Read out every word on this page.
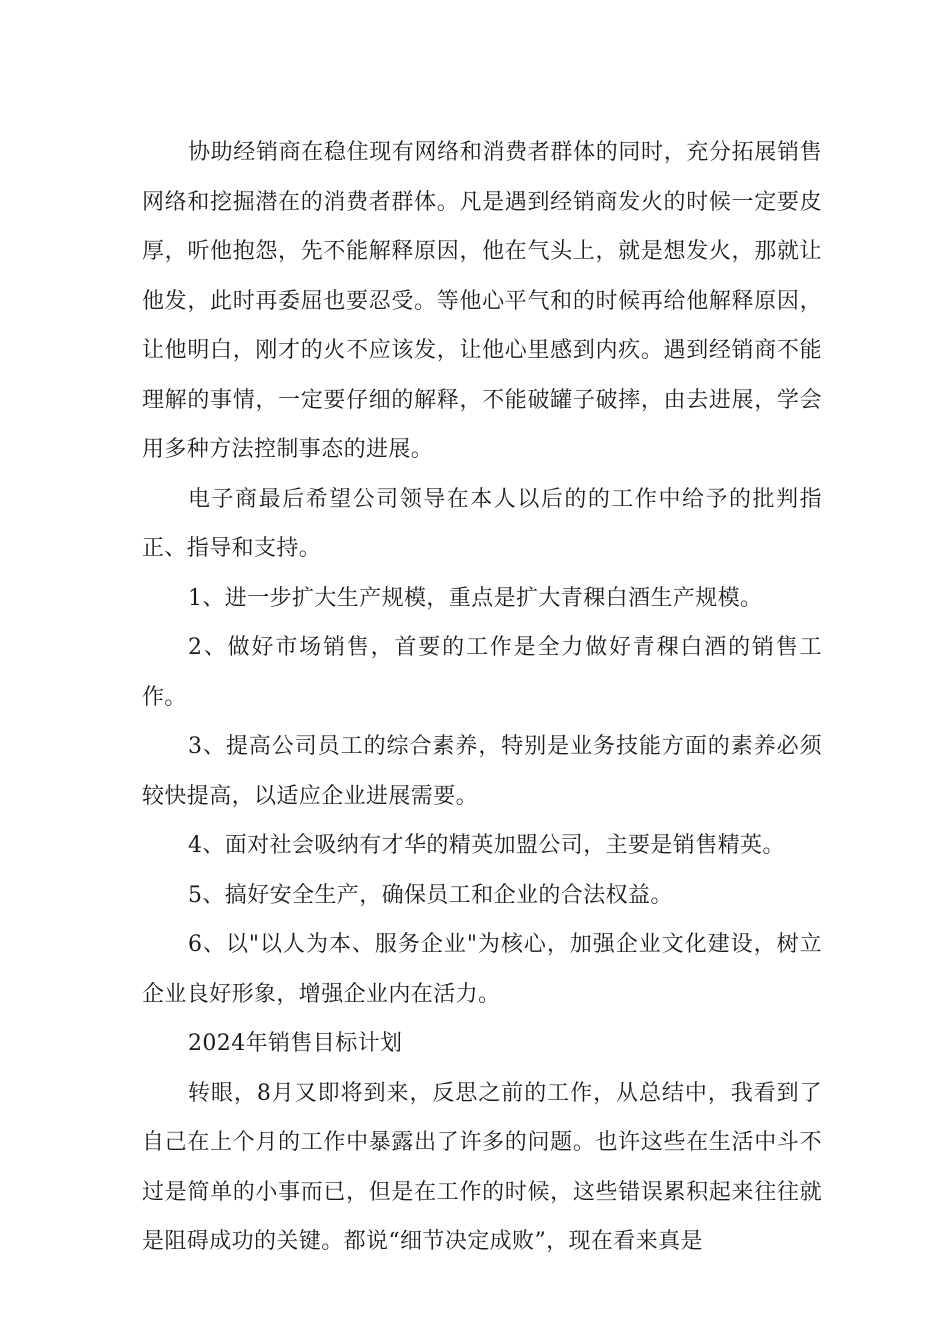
协助经销商在稳住现有网络和消费者群体的同时，充分拓展销售网络和挖掘潜在的消费者群体。凡是遇到经销商发火的时候一定要皮厚，听他抱怨，先不能解释原因，他在气头上，就是想发火，那就让他发，此时再委屈也要忍受。等他心平气和的时候再给他解释原因，让他明白，刚才的火不应该发，让他心里感到内疚。遇到经销商不能理解的事情，一定要仔细的解释，不能破罐子破摔，由去进展，学会用多种方法控制事态的进展。

电子商最后希望公司领导在本人以后的的工作中给予的批判指正、指导和支持。

1、进一步扩大生产规模，重点是扩大青稞白酒生产规模。

2、做好市场销售，首要的工作是全力做好青稞白酒的销售工作。

3、提高公司员工的综合素养，特别是业务技能方面的素养必须较快提高，以适应企业进展需要。

4、面对社会吸纳有才华的精英加盟公司，主要是销售精英。

5、搞好安全生产，确保员工和企业的合法权益。

6、以"以人为本、服务企业"为核心，加强企业文化建设，树立企业良好形象，增强企业内在活力。

2024年销售目标计划

转眼，8月又即将到来，反思之前的工作，从总结中，我看到了自己在上个月的工作中暴露出了许多的问题。也许这些在生活中斗不过是简单的小事而已，但是在工作的时候，这些错误累积起来往往就是阻碍成功的关键。都说“细节决定成败”，现在看来真是
